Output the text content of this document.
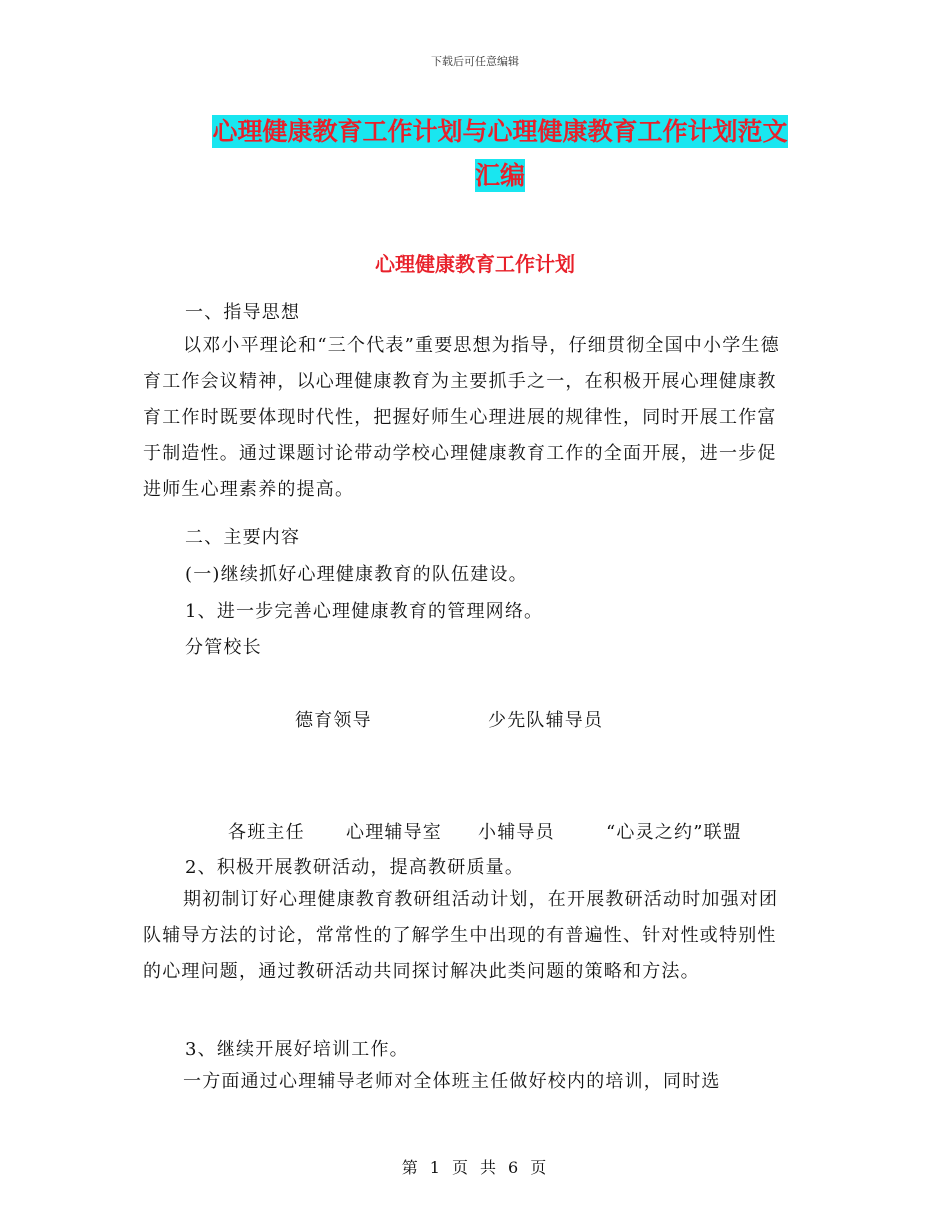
下载后可任意编辑
心理健康教育工作计划与心理健康教育工作计划范文
汇编
心理健康教育工作计划
一、指导思想
以邓小平理论和“三个代表”重要思想为指导，仔细贯彻全国中小学生德育工作会议精神，以心理健康教育为主要抓手之一，在积极开展心理健康教育工作时既要体现时代性，把握好师生心理进展的规律性，同时开展工作富于制造性。通过课题讨论带动学校心理健康教育工作的全面开展，进一步促进师生心理素养的提高。
二、主要内容
(一)继续抓好心理健康教育的队伍建设。
1、进一步完善心理健康教育的管理网络。
分管校长
德育领导	少先队辅导员
各班主任 心理辅导室 小辅导员	“心灵之约”联盟
2、积极开展教研活动，提高教研质量。
期初制订好心理健康教育教研组活动计划，在开展教研活动时加强对团队辅导方法的讨论，常常性的了解学生中出现的有普遍性、针对性或特别性的心理问题，通过教研活动共同探讨解决此类问题的策略和方法。
3、继续开展好培训工作。
一方面通过心理辅导老师对全体班主任做好校内的培训，同时选
第 1 页 共 6 页
